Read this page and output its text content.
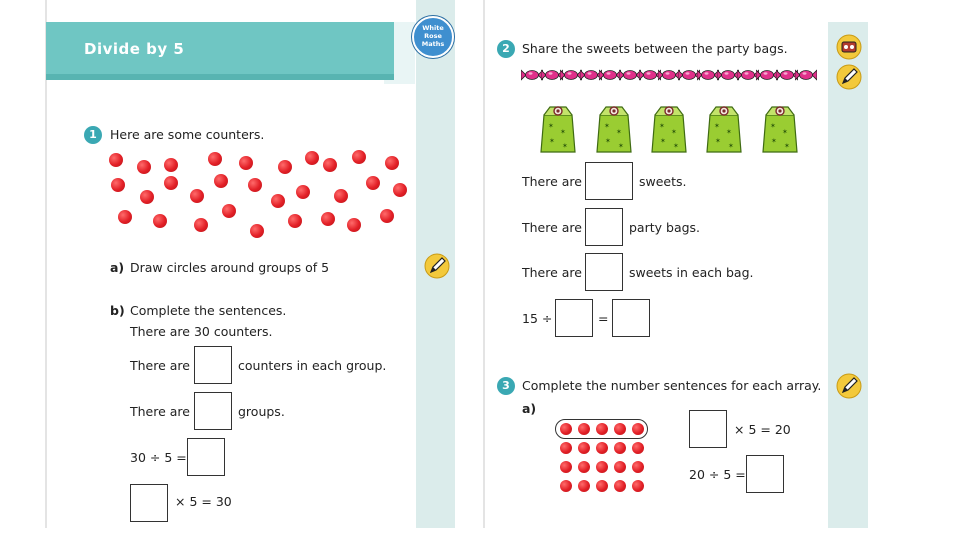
Divide by 5
White Rose Maths
1	Here are some counters.
a) Draw circles around groups of 5
b) Complete the sentences.
There are 30 counters.
There are	counters in each group.
There are	groups.
30 ÷ 5 =
× 5 = 30
2 Share the sweets between the party bags.
✶
✶
✶
✶
✶
✶
✶
✶
✶
✶
✶
✶
✶
✶
✶
✶
✶
✶
✶
✶
There are	sweets.
There are	party bags.
There are	sweets in each bag.
15 ÷	=
3 Complete the number sentences for each array.
a)
× 5 = 20
20 ÷ 5 =
